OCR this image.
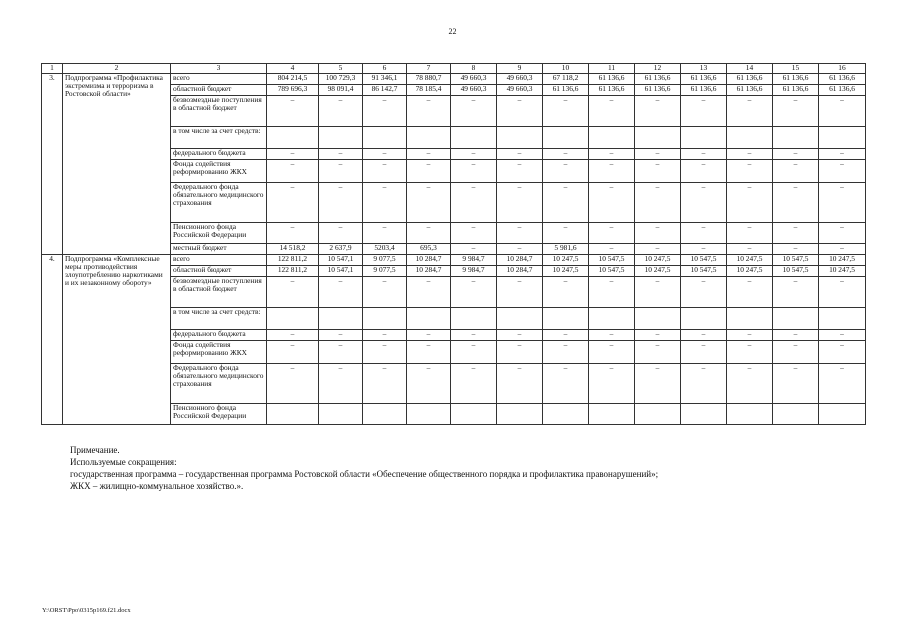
22
1	2	3	4	5	6	7	8	9	10	11	12	13	14	15	16
3.	Подпрограмма «Профилактика экстремизма и терроризма в Ростовской области»	всего	804 214,5	100 729,3	91 346,1	78 880,7	49 660,3	49 660,3	67 118,2	61 136,6	61 136,6	61 136,6	61 136,6	61 136,6	61 136,6
		областной бюджет	789 696,3	98 091,4	86 142,7	78 185,4	49 660,3	49 660,3	61 136,6	61 136,6	61 136,6	61 136,6	61 136,6	61 136,6	61 136,6
		безвозмездные поступления в областной бюджет	–	–	–	–	–	–	–	–	–	–	–	–	–
		в том числе за счет средств:													
		федерального бюджета	–	–	–	–	–	–	–	–	–	–	–	–	–
		Фонда содействия реформированию ЖКХ	–	–	–	–	–	–	–	–	–	–	–	–	–
		Федерального фонда обязательного медицинского страхования	–	–	–	–	–	–	–	–	–	–	–	–	–
		Пенсионного фонда Российской Федерации	–	–	–	–	–	–	–	–	–	–	–	–	–
		местный бюджет	14 518,2	2 637,9	5203,4	695,3	–	–	5 981,6	–	–	–	–	–	–
4.	Подпрограмма «Комплексные меры противодействия злоупотреблению наркотиками и их незаконному обороту»	всего	122 811,2	10 547,1	9 077,5	10 284,7	9 984,7	10 284,7	10 247,5	10 547,5	10 247,5	10 547,5	10 247,5	10 547,5	10 247,5
		областной бюджет	122 811,2	10 547,1	9 077,5	10 284,7	9 984,7	10 284,7	10 247,5	10 547,5	10 247,5	10 547,5	10 247,5	10 547,5	10 247,5
		безвозмездные поступления в областной бюджет	–	–	–	–	–	–	–	–	–	–	–	–	–
		в том числе за счет средств:													
		федерального бюджета	–	–	–	–	–	–	–	–	–	–	–	–	–
		Фонда содействия реформированию ЖКХ	–	–	–	–	–	–	–	–	–	–	–	–	–
		Федерального фонда обязательного медицинского страхования	–	–	–	–	–	–	–	–	–	–	–	–	–
		Пенсионного фонда Российской Федерации													
Примечание.
Используемые сокращения:
государственная программа – государственная программа Ростовской области «Обеспечение общественного порядка и профилактика правонарушений»;
ЖКХ – жилищно-коммунальное хозяйство.».
Y:\ORST\Ppo\0315p169.f21.docx
